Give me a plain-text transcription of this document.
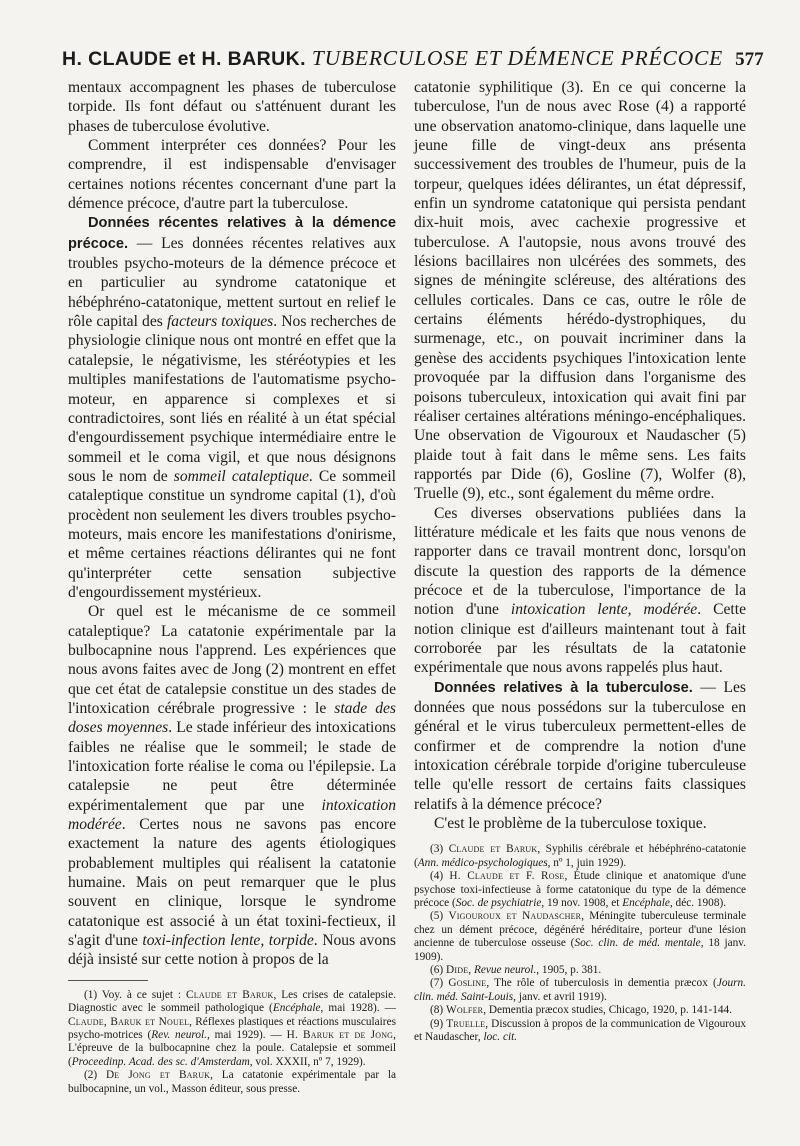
H. CLAUDE et H. BARUK. TUBERCULOSE ET DÉMENCE PRÉCOCE 577

mentaux accompagnent les phases de tuberculose torpide. Ils font défaut ou s'atténuent durant les phases de tuberculose évolutive.

Comment interpréter ces données? Pour les comprendre, il est indispensable d'envisager certaines notions récentes concernant d'une part la démence précoce, d'autre part la tuberculose.

Données récentes relatives à la démence précoce. — Les données récentes relatives aux troubles psycho-moteurs de la démence précoce et en particulier au syndrome catatonique et hébéphréno-catatonique, mettent surtout en relief le rôle capital des facteurs toxiques. Nos recherches de physiologie clinique nous ont montré en effet que la catalepsie, le négativisme, les stéréotypies et les multiples manifestations de l'automatisme psycho-moteur, en apparence si complexes et si contradictoires, sont liés en réalité à un état spécial d'engourdissement psychique intermédiaire entre le sommeil et le coma vigil, et que nous désignons sous le nom de sommeil cataleptique. Ce sommeil cataleptique constitue un syndrome capital (1), d'où procèdent non seulement les divers troubles psycho-moteurs, mais encore les manifestations d'onirisme, et même certaines réactions délirantes qui ne font qu'interpréter cette sensation subjective d'engourdissement mystérieux.

Or quel est le mécanisme de ce sommeil cataleptique? La catatonie expérimentale par la bulbocapnine nous l'apprend. Les expériences que nous avons faites avec de Jong (2) montrent en effet que cet état de catalepsie constitue un des stades de l'intoxication cérébrale progressive : le stade des doses moyennes. Le stade inférieur des intoxications faibles ne réalise que le sommeil; le stade de l'intoxication forte réalise le coma ou l'épilepsie. La catalepsie ne peut être déterminée expérimentalement que par une intoxication modérée. Certes nous ne savons pas encore exactement la nature des agents étiologiques probablement multiples qui réalisent la catatonie humaine. Mais on peut remarquer que le plus souvent en clinique, lorsque le syndrome catatonique est associé à un état toxini-fectieux, il s'agit d'une toxi-infection lente, torpide. Nous avons déjà insisté sur cette notion à propos de la

(1) Voy. à ce sujet : Claude et Baruk, Les crises de catalepsie. Diagnostic avec le sommeil pathologique (Encéphale, mai 1928). — Claude, Baruk et Nouel, Réflexes plastiques et réactions musculaires psycho-motrices (Rev. neurol., mai 1929). — H. Baruk et de Jong, L'épreuve de la bulbocapnine chez la poule. Catalepsie et sommeil (Proceedinp. Acad. des sc. d'Amsterdam, vol. XXXII, nº 7, 1929).

(2) De Jong et Baruk, La catatonie expérimentale par la bulbocapnine, un vol., Masson éditeur, sous presse.

catatonie syphilitique (3). En ce qui concerne la tuberculose, l'un de nous avec Rose (4) a rapporté une observation anatomo-clinique, dans laquelle une jeune fille de vingt-deux ans présenta successivement des troubles de l'humeur, puis de la torpeur, quelques idées délirantes, un état dépressif, enfin un syndrome catatonique qui persista pendant dix-huit mois, avec cachexie progressive et tuberculose. A l'autopsie, nous avons trouvé des lésions bacillaires non ulcérées des sommets, des signes de méningite scléreuse, des altérations des cellules corticales. Dans ce cas, outre le rôle de certains éléments hérédo-dystrophiques, du surmenage, etc., on pouvait incriminer dans la genèse des accidents psychiques l'intoxication lente provoquée par la diffusion dans l'organisme des poisons tuberculeux, intoxication qui avait fini par réaliser certaines altérations méningo-encéphaliques. Une observation de Vigouroux et Naudascher (5) plaide tout à fait dans le même sens. Les faits rapportés par Dide (6), Gosline (7), Wolfer (8), Truelle (9), etc., sont également du même ordre.

Ces diverses observations publiées dans la littérature médicale et les faits que nous venons de rapporter dans ce travail montrent donc, lorsqu'on discute la question des rapports de la démence précoce et de la tuberculose, l'importance de la notion d'une intoxication lente, modérée. Cette notion clinique est d'ailleurs maintenant tout à fait corroborée par les résultats de la catatonie expérimentale que nous avons rappelés plus haut.

Données relatives à la tuberculose. — Les données que nous possédons sur la tuberculose en général et le virus tuberculeux permettent-elles de confirmer et de comprendre la notion d'une intoxication cérébrale torpide d'origine tuberculeuse telle qu'elle ressort de certains faits classiques relatifs à la démence précoce?

C'est le problème de la tuberculose toxique.

(3) Claude et Baruk, Syphilis cérébrale et hébéphréno-catatonie (Ann. médico-psychologiques, nº 1, juin 1929).

(4) H. Claude et F. Rose, Étude clinique et anatomique d'une psychose toxi-infectieuse à forme catatonique du type de la démence précoce (Soc. de psychiatrie, 19 nov. 1908, et Encéphale, déc. 1908).

(5) Vigouroux et Naudascher, Méningite tuberculeuse terminale chez un dément précoce, dégénéré héréditaire, porteur d'une lésion ancienne de tuberculose osseuse (Soc. clin. de méd. mentale, 18 janv. 1909).

(6) Dide, Revue neurol., 1905, p. 381.

(7) Gosline, The rôle of tuberculosis in dementia præcox (Journ. clin. méd. Saint-Louis, janv. et avril 1919).

(8) Wolfer, Dementia præcox studies, Chicago, 1920, p. 141-144.

(9) Truelle, Discussion à propos de la communication de Vigouroux et Naudascher, loc. cit.
